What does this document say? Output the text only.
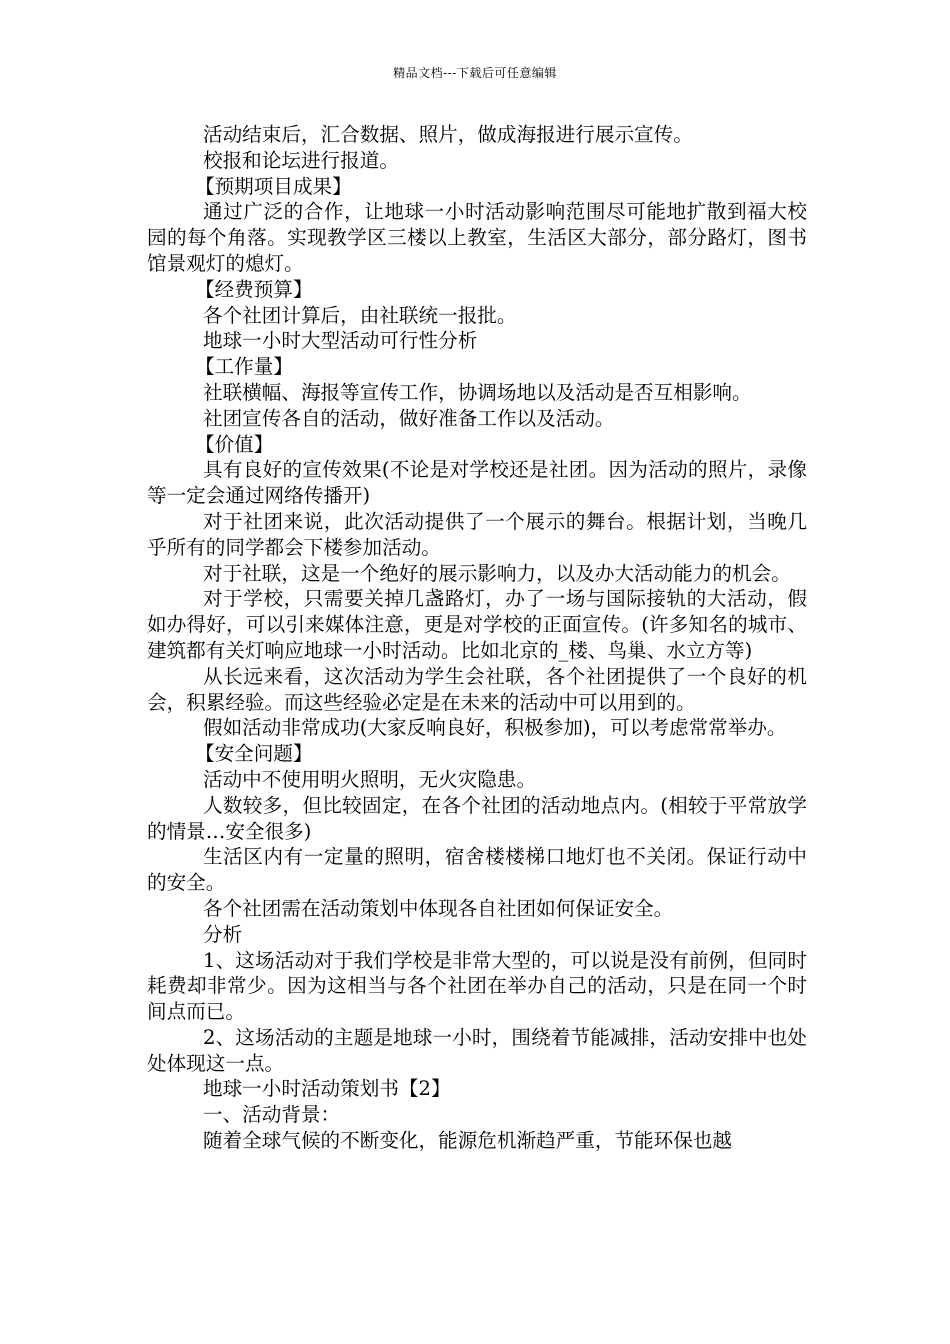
精品文档---下载后可任意编辑

活动结束后，汇合数据、照片，做成海报进行展示宣传。

校报和论坛进行报道。

【预期项目成果】

通过广泛的合作，让地球一小时活动影响范围尽可能地扩散到福大校园的每个角落。实现教学区三楼以上教室，生活区大部分，部分路灯，图书馆景观灯的熄灯。

【经费预算】

各个社团计算后，由社联统一报批。

地球一小时大型活动可行性分析

【工作量】

社联横幅、海报等宣传工作，协调场地以及活动是否互相影响。

社团宣传各自的活动，做好准备工作以及活动。

【价值】

具有良好的宣传效果(不论是对学校还是社团。因为活动的照片，录像等一定会通过网络传播开)

对于社团来说，此次活动提供了一个展示的舞台。根据计划，当晚几乎所有的同学都会下楼参加活动。

对于社联，这是一个绝好的展示影响力，以及办大活动能力的机会。

对于学校，只需要关掉几盏路灯，办了一场与国际接轨的大活动，假如办得好，可以引来媒体注意，更是对学校的正面宣传。(许多知名的城市、建筑都有关灯响应地球一小时活动。比如北京的_楼、鸟巢、水立方等)

从长远来看，这次活动为学生会社联，各个社团提供了一个良好的机会，积累经验。而这些经验必定是在未来的活动中可以用到的。

假如活动非常成功(大家反响良好，积极参加)，可以考虑常常举办。

【安全问题】

活动中不使用明火照明，无火灾隐患。

人数较多，但比较固定，在各个社团的活动地点内。(相较于平常放学的情景…安全很多)

生活区内有一定量的照明，宿舍楼楼梯口地灯也不关闭。保证行动中的安全。

各个社团需在活动策划中体现各自社团如何保证安全。

分析

1、这场活动对于我们学校是非常大型的，可以说是没有前例，但同时耗费却非常少。因为这相当与各个社团在举办自己的活动，只是在同一个时间点而已。

2、这场活动的主题是地球一小时，围绕着节能减排，活动安排中也处处体现这一点。

地球一小时活动策划书【2】

一、活动背景：

随着全球气候的不断变化，能源危机渐趋严重，节能环保也越
